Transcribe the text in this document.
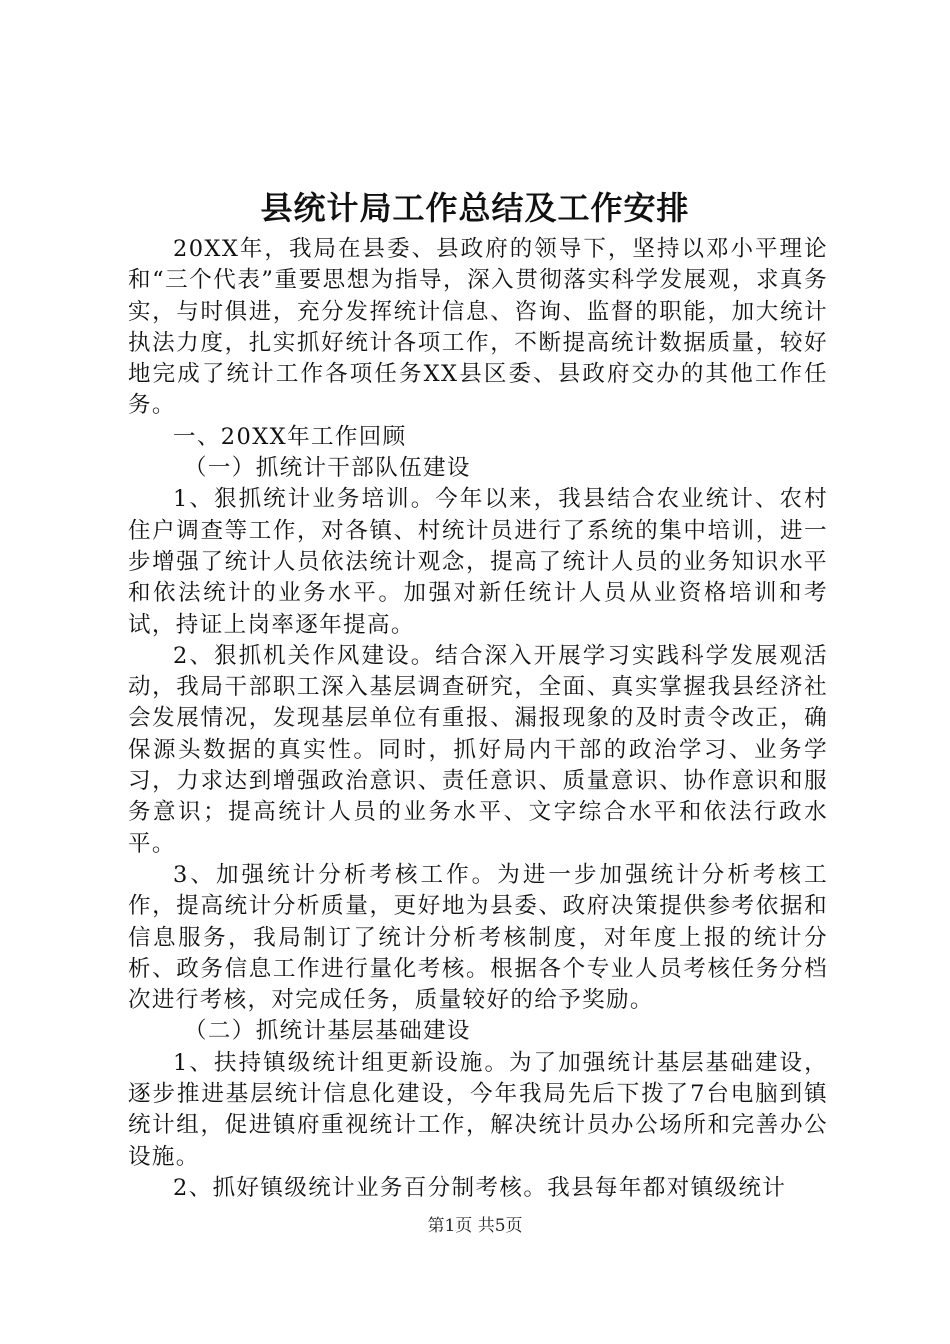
县统计局工作总结及工作安排

20XX年，我局在县委、县政府的领导下，坚持以邓小平理论和“三个代表”重要思想为指导，深入贯彻落实科学发展观，求真务实，与时俱进，充分发挥统计信息、咨询、监督的职能，加大统计执法力度，扎实抓好统计各项工作，不断提高统计数据质量，较好地完成了统计工作各项任务XX县区委、县政府交办的其他工作任务。

一、20XX年工作回顾

（一）抓统计干部队伍建设

1、狠抓统计业务培训。今年以来，我县结合农业统计、农村住户调查等工作，对各镇、村统计员进行了系统的集中培训，进一步增强了统计人员依法统计观念，提高了统计人员的业务知识水平和依法统计的业务水平。加强对新任统计人员从业资格培训和考试，持证上岗率逐年提高。

2、狠抓机关作风建设。结合深入开展学习实践科学发展观活动，我局干部职工深入基层调查研究，全面、真实掌握我县经济社会发展情况，发现基层单位有重报、漏报现象的及时责令改正，确保源头数据的真实性。同时，抓好局内干部的政治学习、业务学习，力求达到增强政治意识、责任意识、质量意识、协作意识和服务意识；提高统计人员的业务水平、文字综合水平和依法行政水平。

3、加强统计分析考核工作。为进一步加强统计分析考核工作，提高统计分析质量，更好地为县委、政府决策提供参考依据和信息服务，我局制订了统计分析考核制度，对年度上报的统计分析、政务信息工作进行量化考核。根据各个专业人员考核任务分档次进行考核，对完成任务，质量较好的给予奖励。

（二）抓统计基层基础建设

1、扶持镇级统计组更新设施。为了加强统计基层基础建设，逐步推进基层统计信息化建设，今年我局先后下拨了7台电脑到镇统计组，促进镇府重视统计工作，解决统计员办公场所和完善办公设施。

2、抓好镇级统计业务百分制考核。我县每年都对镇级统计

第1页 共5页
